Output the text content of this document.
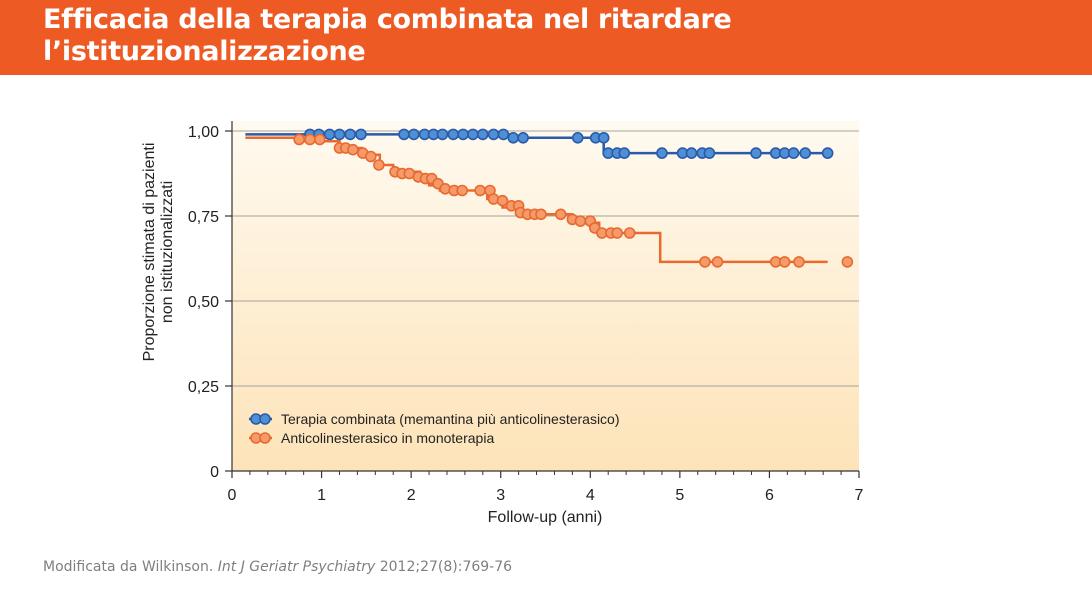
Efficacia della terapia combinata nel ritardare
l’istituzionalizzazione
0	1	2	3	4	5	6	7
0
0,25
0,50
0,75
1,00
Terapia combinata (memantina più anticolinesterasico)
Anticolinesterasico in monoterapia
Follow-up (anni)
Proporzione stimata di pazienti non istituzionalizzati
Modificata da Wilkinson. Int J Geriatr Psychiatry 2012;27(8):769-76
